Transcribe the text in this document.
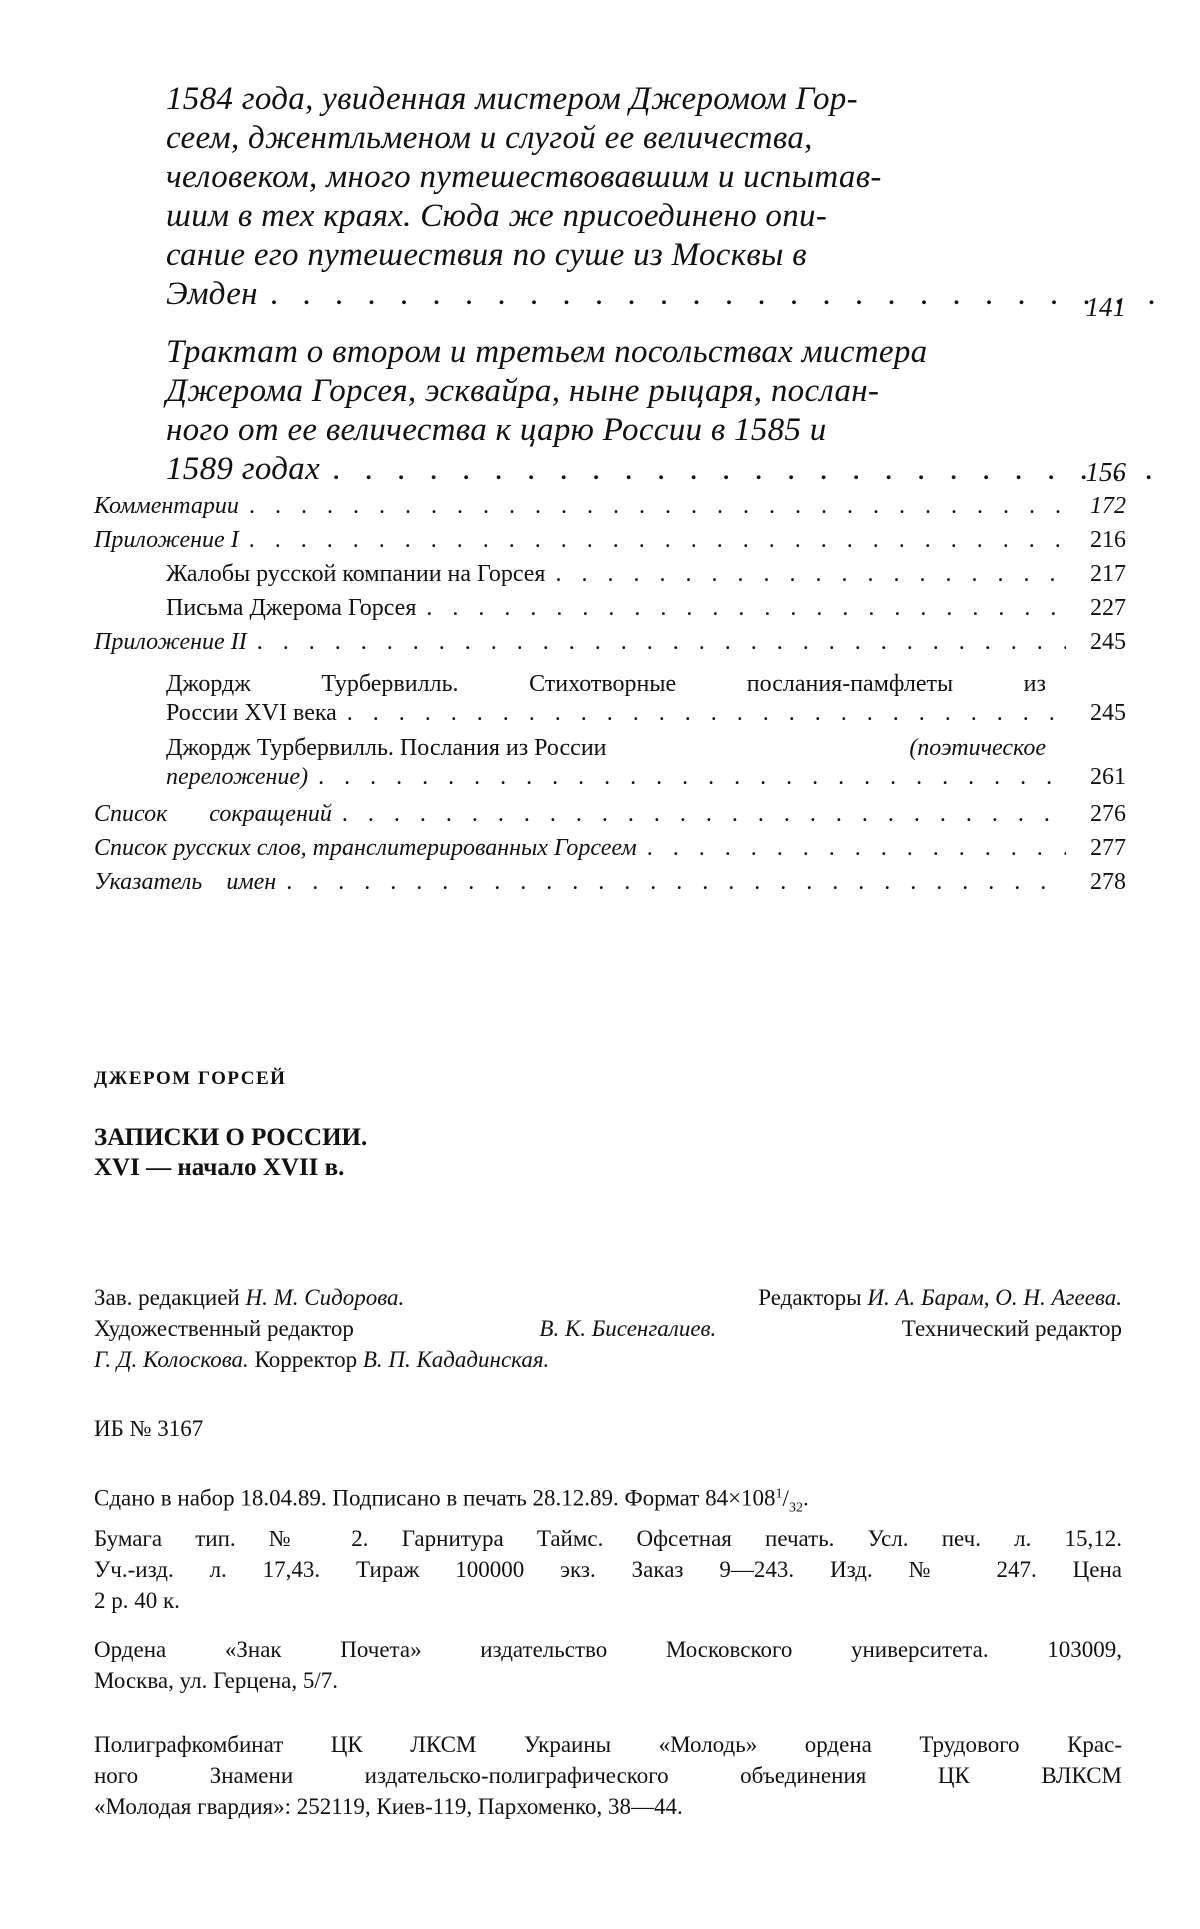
1584 года, увиденная мистером Джеромом Гор-
сеем, джентльменом и слугой ее величества,
человеком, много путешествовавшим и испытав-
шим в тех краях. Сюда же присоединено опи-
сание его путешествия по суше из Москвы в
Эмден . . . . . . . . . . . . . . . . . . . . . . . . . . .
141
Трактат о втором и третьем посольствах мистера
Джерома Горсея, эсквайра, ныне рыцаря, послан-
ного от ее величества к царю России в 1585 и
1589 годах . . . . . . . . . . . . . . . . . . . . . . . . .
156
Комментарии
. . .	172
Приложение I
. . .	216
Жалобы русской компании на Горсея
. . .	217
Письма Джерома Горсея
. . .	227
Приложение II
. . .	245
Джордж Турбервилль. Стихотворные послания-памфлеты из
России XVI века
. . .	245
Джордж Турбервилль. Послания из России	(поэтическое
переложение)
. . .	261
Список сокращений
. . .	276
Список русских слов, транслитерированных Горсеем
. . .	277
Указатель имен
. . .	278
ДЖЕРОМ ГОРСЕЙ
ЗАПИСКИ О РОССИИ.
XVI — начало XVII в.
Зав. редакцией Н. М. Сидорова.	Редакторы И. А. Барам, О. Н. Агеева.
Художественный редактор	В. К. Бисенгалиев.	Технический редактор
Г. Д. Колоскова. Корректор В. П. Кададинская.
ИБ № 3167
Сдано в набор 18.04.89. Подписано в печать 28.12.89. Формат 84×1081/32.
Бумага тип. № 2. Гарнитура Таймс. Офсетная печать. Усл. печ. л. 15,12.
Уч.-изд. л. 17,43. Тираж 100000 экз. Заказ 9—243. Изд. № 247. Цена
2 р. 40 к.
Ордена «Знак Почета» издательство Московского университета. 103009,
Москва, ул. Герцена, 5/7.
Полиграфкомбинат ЦК ЛКСМ Украины «Молодь» ордена Трудового Крас-
ного Знамени издательско-полиграфического объединения ЦК ВЛКСМ
«Молодая гвардия»: 252119, Киев-119, Пархоменко, 38—44.
